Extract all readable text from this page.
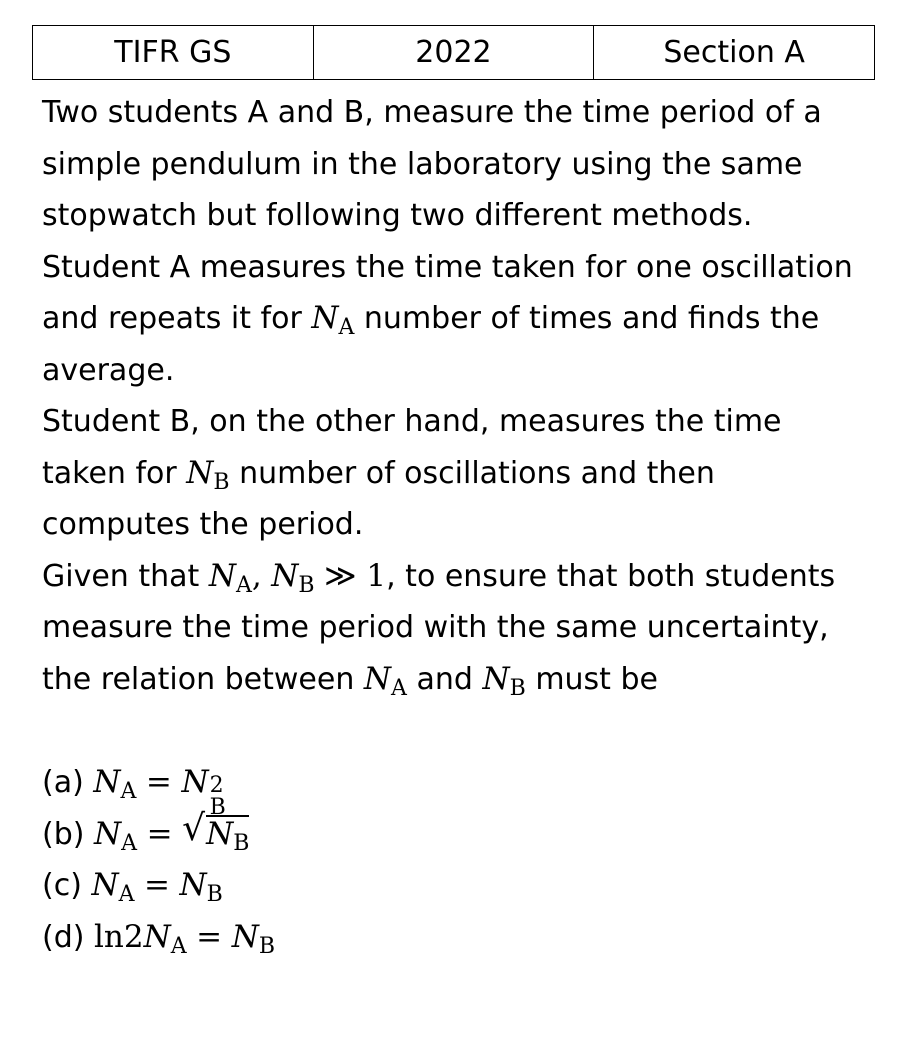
TIFR GS	2022	Section A

Two students A and B, measure the time period of a simple pendulum in the laboratory using the same stopwatch but following two different methods.

Student A measures the time taken for one oscillation and repeats it for $N_A$ number of times and finds the average.

Student B, on the other hand, measures the time taken for $N_B$ number of oscillations and then computes the period.

Given that $N_A$, $N_B$ ≫ 1, to ensure that both students measure the time period with the same uncertainty, the relation between $N_A$ and $N_B$ must be

(a) $N_A = N$ 2
B

(b) $N_A$ = √ $N_B$

(c) $N_A = N_B$

(d) $\ln 2N_A = N_B$
